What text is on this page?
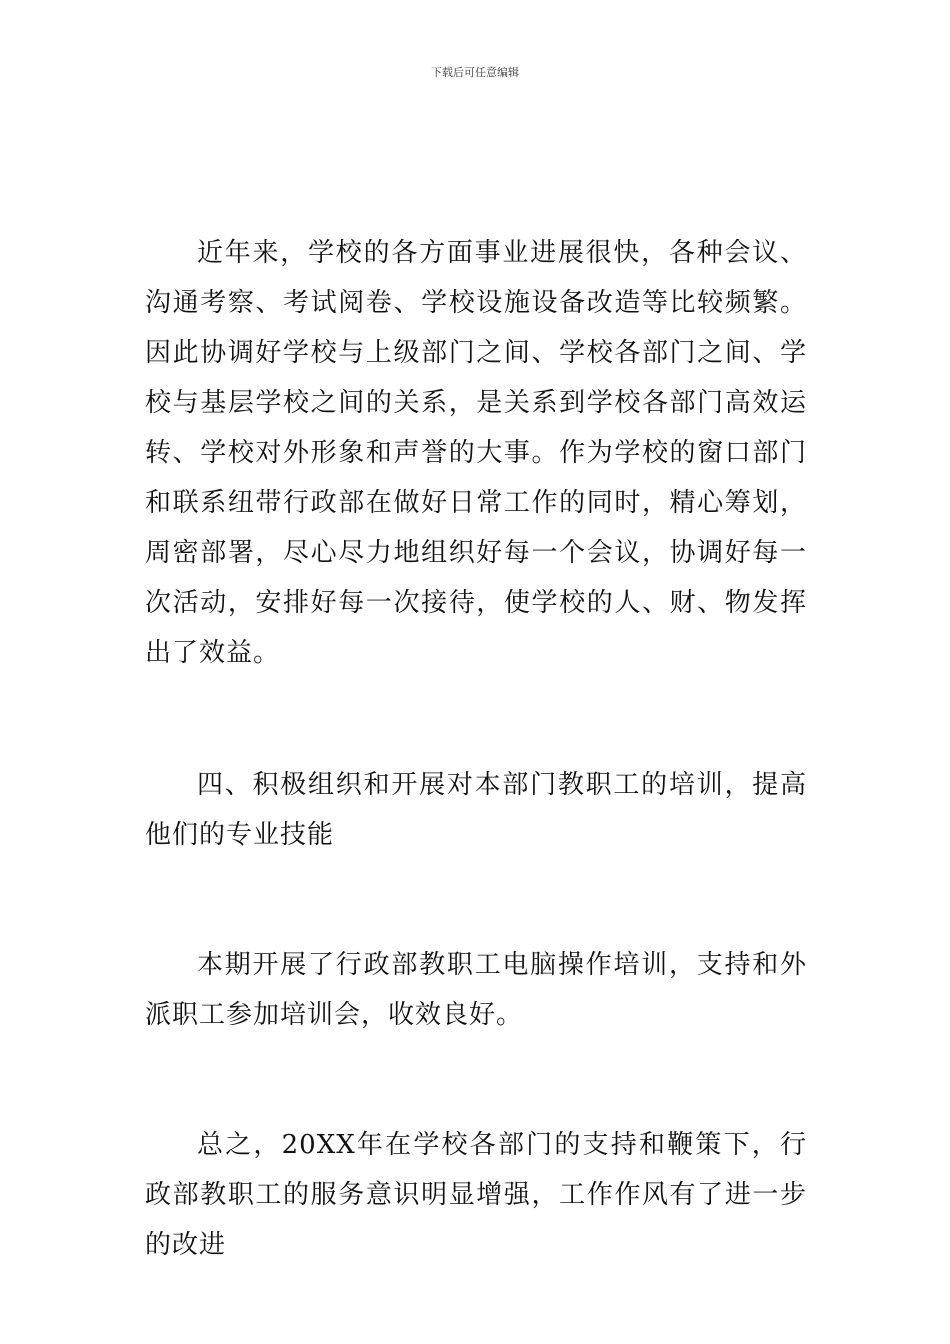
下载后可任意编辑

近年来，学校的各方面事业进展很快，各种会议、沟通考察、考试阅卷、学校设施设备改造等比较频繁。因此协调好学校与上级部门之间、学校各部门之间、学校与基层学校之间的关系，是关系到学校各部门高效运转、学校对外形象和声誉的大事。作为学校的窗口部门和联系纽带行政部在做好日常工作的同时，精心筹划，周密部署，尽心尽力地组织好每一个会议，协调好每一次活动，安排好每一次接待，使学校的人、财、物发挥出了效益。

四、积极组织和开展对本部门教职工的培训，提高他们的专业技能

本期开展了行政部教职工电脑操作培训，支持和外派职工参加培训会，收效良好。

总之，20XX年在学校各部门的支持和鞭策下，行政部教职工的服务意识明显增强，工作作风有了进一步的改进
